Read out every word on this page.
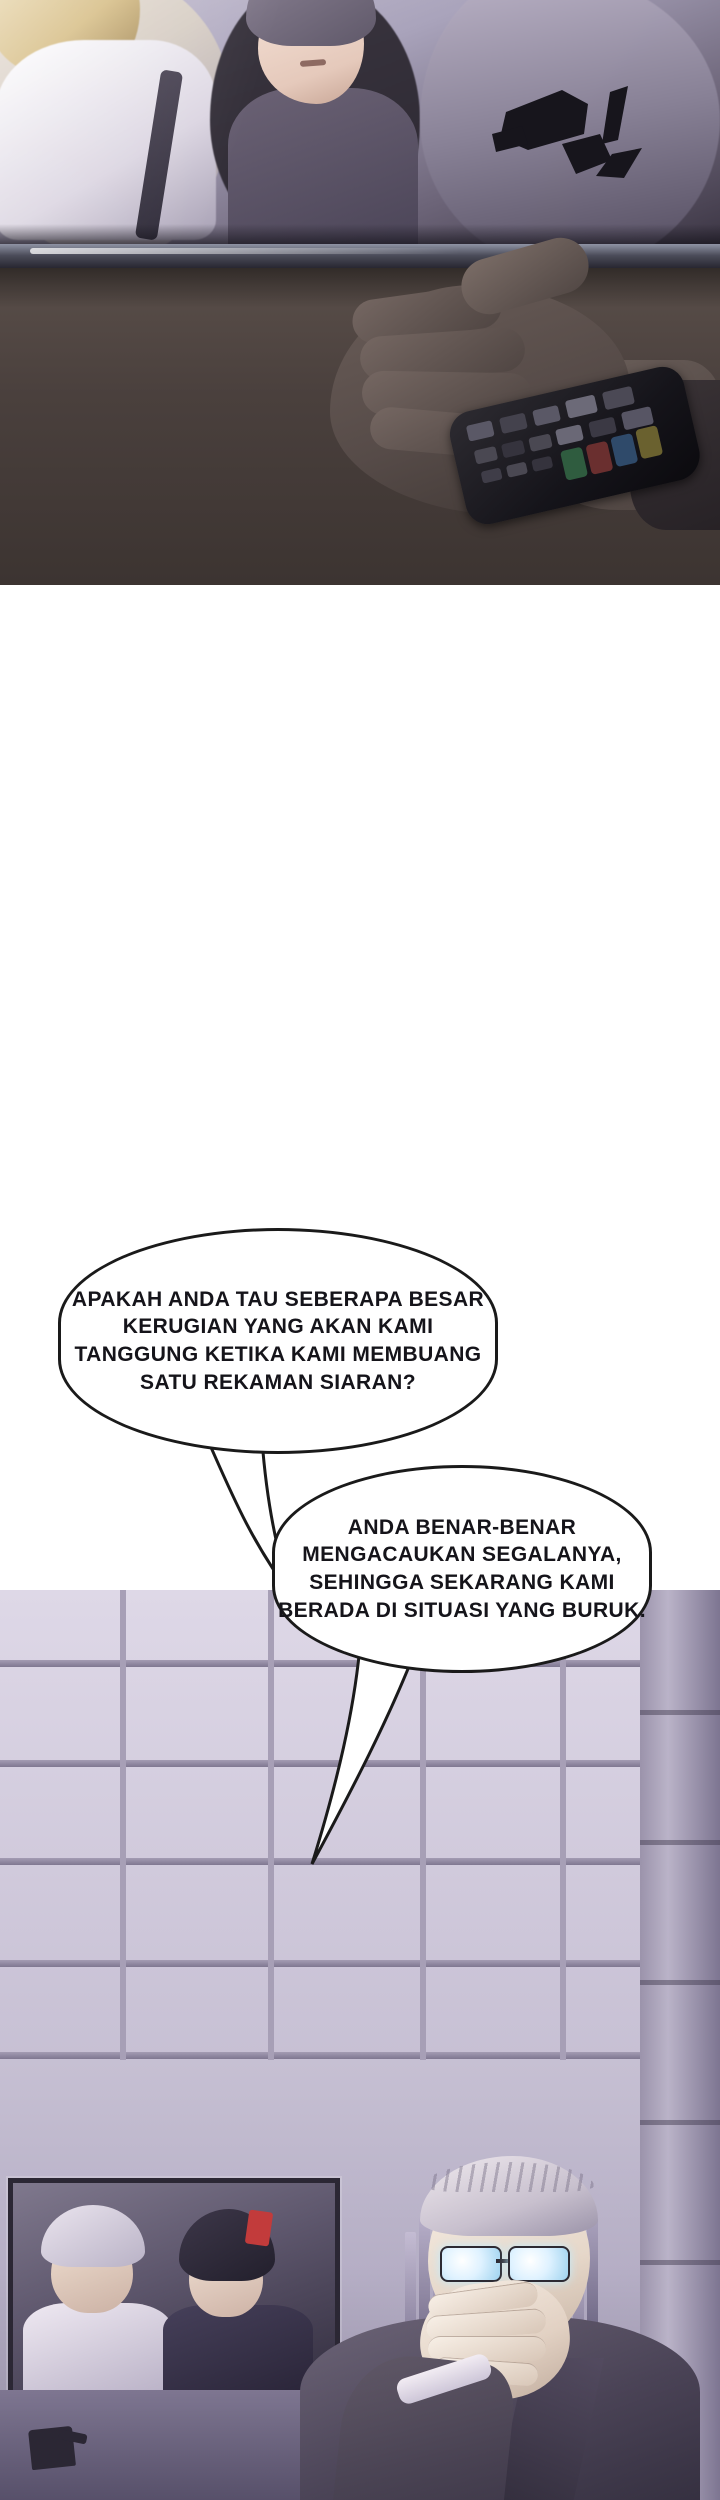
APAKAH ANDA TAU SEBERAPA BESAR KERUGIAN YANG AKAN KAMI TANGGUNG KETIKA KAMI MEMBUANG SATU REKAMAN SIARAN?

ANDA BENAR-BENAR MENGACAUKAN SEGALANYA, SEHINGGA SEKARANG KAMI BERADA DI SITUASI YANG BURUK.
